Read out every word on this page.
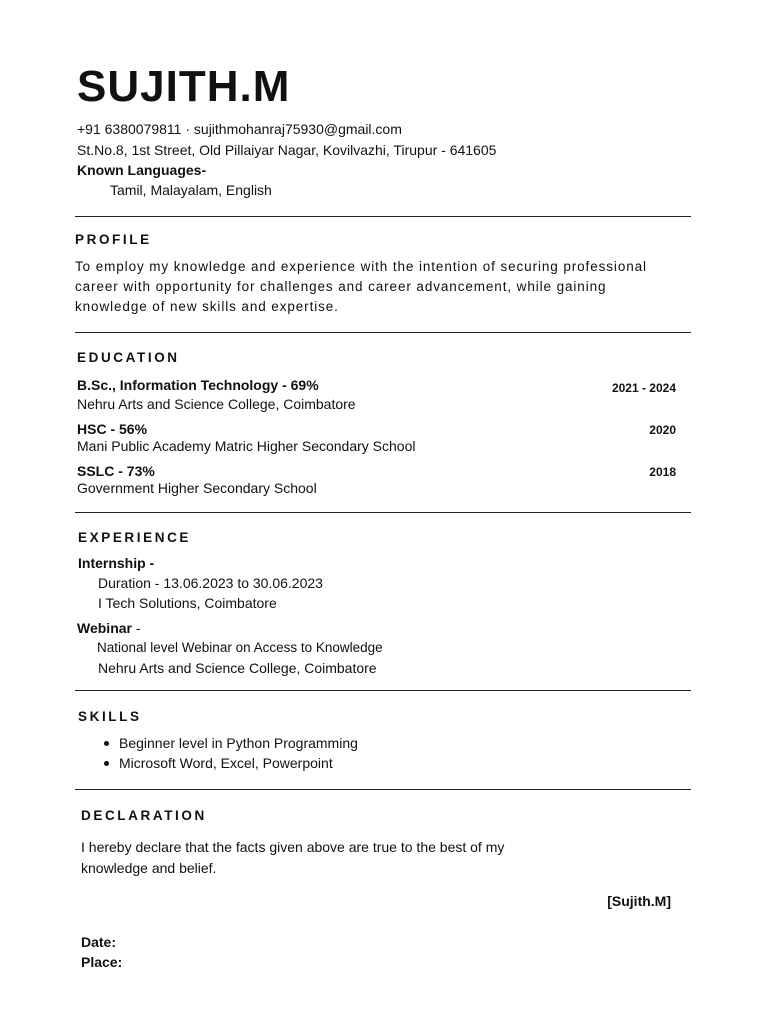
SUJITH.M
+91 6380079811 · sujithmohanraj75930@gmail.com
St.No.8, 1st Street, Old Pillaiyar Nagar, Kovilvazhi, Tirupur - 641605
Known Languages-
Tamil, Malayalam, English
PROFILE
To employ my knowledge and experience with the intention of securing professional career with opportunity for challenges and career advancement, while gaining knowledge of new skills and expertise.
EDUCATION
B.Sc., Information Technology - 69%	2021 - 2024
Nehru Arts and Science College, Coimbatore
HSC - 56%	2020
Mani Public Academy Matric Higher Secondary School
SSLC - 73%	2018
Government Higher Secondary School
EXPERIENCE
Internship -
Duration - 13.06.2023 to 30.06.2023
I Tech Solutions, Coimbatore
Webinar -
National level Webinar on Access to Knowledge
Nehru Arts and Science College, Coimbatore
SKILLS
Beginner level in Python Programming
Microsoft Word, Excel, Powerpoint
DECLARATION
I hereby declare that the facts given above are true to the best of my
knowledge and belief.
[Sujith.M]
Date:
Place:
